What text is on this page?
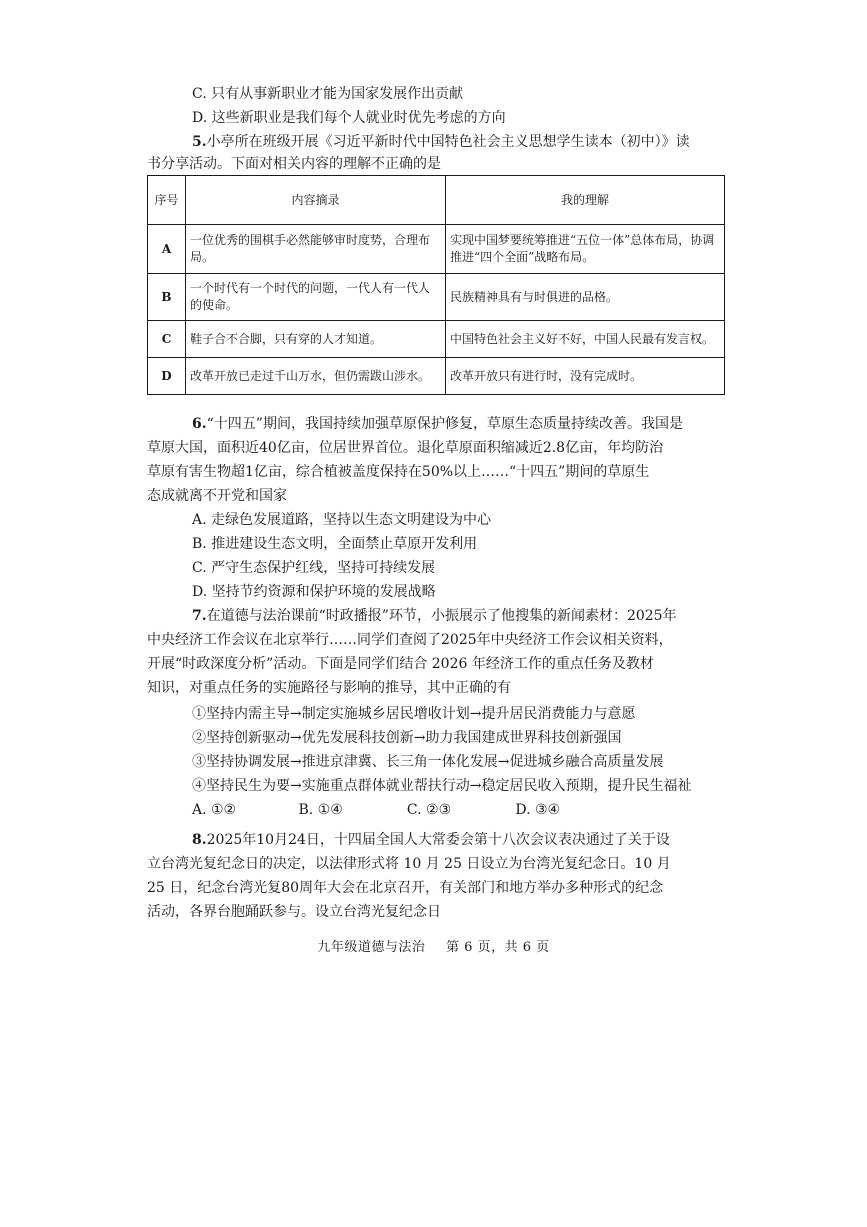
C. 只有从事新职业才能为国家发展作出贡献
D. 这些新职业是我们每个人就业时优先考虑的方向
5.小亭所在班级开展《习近平新时代中国特色社会主义思想学生读本（初中）》读
书分享活动。下面对相关内容的理解不正确的是
序号	内容摘录	我的理解
A	一位优秀的围棋手必然能够审时度势，合理布局。	实现中国梦要统筹推进“五位一体”总体布局，协调推进“四个全面”战略布局。

B	一个时代有一个时代的问题，一代人有一代人的使命。	民族精神具有与时俱进的品格。

C	鞋子合不合脚，只有穿的人才知道。	中国特色社会主义好不好，中国人民最有发言权。

D	改革开放已走过千山万水，但仍需跋山涉水。	改革开放只有进行时，没有完成时。
6.“十四五”期间，我国持续加强草原保护修复，草原生态质量持续改善。我国是
草原大国，面积近40亿亩，位居世界首位。退化草原面积缩减近2.8亿亩，年均防治
草原有害生物超1亿亩，综合植被盖度保持在50%以上……“十四五”期间的草原生
态成就离不开党和国家
A. 走绿色发展道路，坚持以生态文明建设为中心
B. 推进建设生态文明，全面禁止草原开发利用
C. 严守生态保护红线，坚持可持续发展
D. 坚持节约资源和保护环境的发展战略
7.在道德与法治课前“时政播报”环节，小振展示了他搜集的新闻素材：2025年
中央经济工作会议在北京举行……同学们查阅了2025年中央经济工作会议相关资料，
开展“时政深度分析”活动。下面是同学们结合 2026 年经济工作的重点任务及教材
知识，对重点任务的实施路径与影响的推导，其中正确的有
①坚持内需主导→制定实施城乡居民增收计划→提升居民消费能力与意愿
②坚持创新驱动→优先发展科技创新→助力我国建成世界科技创新强国
③坚持协调发展→推进京津冀、长三角一体化发展→促进城乡融合高质量发展
④坚持民生为要→实施重点群体就业帮扶行动→稳定居民收入预期，提升民生福祉
A. ①②	B. ①④	C. ②③	D. ③④
8.2025年10月24日，十四届全国人大常委会第十八次会议表决通过了关于设
立台湾光复纪念日的决定，以法律形式将 10 月 25 日设立为台湾光复纪念日。10 月
25 日，纪念台湾光复80周年大会在北京召开，有关部门和地方举办多种形式的纪念
活动，各界台胞踊跃参与。设立台湾光复纪念日
九年级道德与法治 第 6 页，共 6 页
